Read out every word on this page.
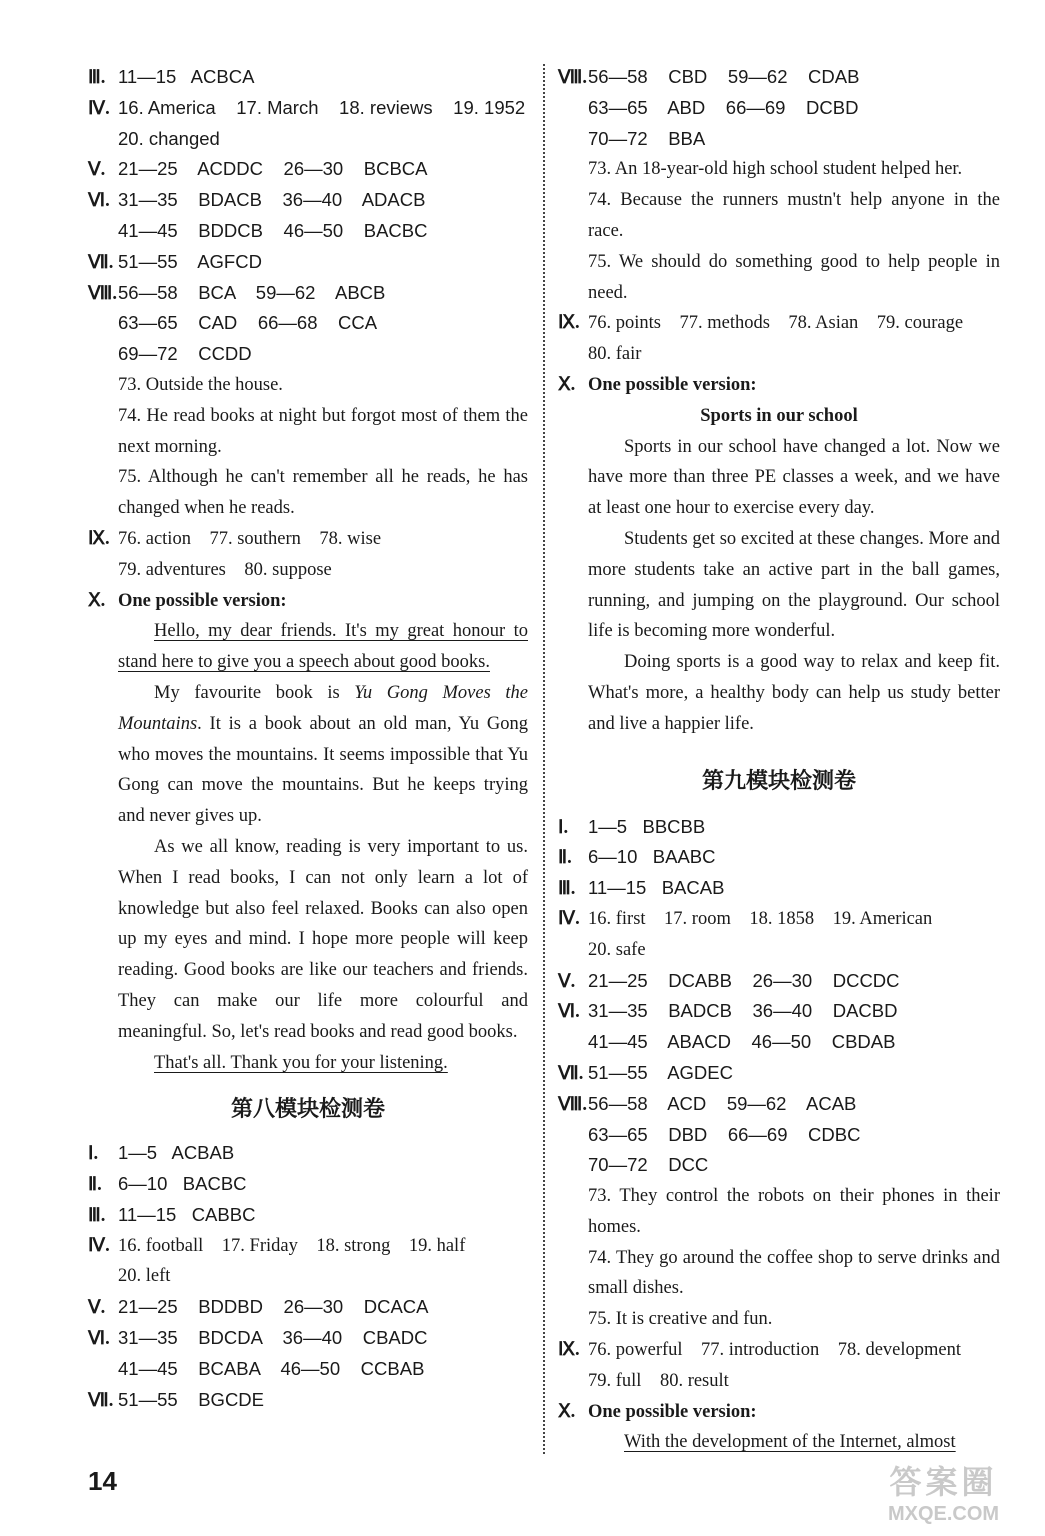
Ⅲ. 11—15   ACBCA
Ⅳ. 16. America    17. March    18. reviews    19. 1952
20. changed
Ⅴ. 21—25    ACDDC    26—30    BCBCA
Ⅵ. 31—35    BDACB    36—40    ADACB
41—45    BDDCB    46—50    BACBC
Ⅶ. 51—55    AGFCD
Ⅷ.56—58    BCA    59—62    ABCB
63—65    CAD    66—68    CCA
69—72    CCDD
73. Outside the house.
74. He read books at night but forgot most of them the next morning.
75. Although he can't remember all he reads, he has changed when he reads.
Ⅸ. 76. action    77. southern    78. wise
79. adventures    80. suppose
Ⅹ. One possible version:
Hello, my dear friends. It's my great honour to stand here to give you a speech about good books.
My favourite book is Yu Gong Moves the Mountains. It is a book about an old man, Yu Gong who moves the mountains. It seems impossible that Yu Gong can move the mountains. But he keeps trying and never gives up.
As we all know, reading is very important to us. When I read books, I can not only learn a lot of knowledge but also feel relaxed. Books can also open up my eyes and mind. I hope more people will keep reading. Good books are like our teachers and friends. They can make our life more colourful and meaningful. So, let's read books and read good books.
That's all. Thank you for your listening.
第八模块检测卷
Ⅰ. 1—5   ACBAB
Ⅱ. 6—10   BACBC
Ⅲ. 11—15   CABBC
Ⅳ. 16. football    17. Friday    18. strong    19. half
20. left
Ⅴ. 21—25    BDDBD    26—30    DCACA
Ⅵ. 31—35    BDCDA    36—40    CBADC
41—45    BCABA    46—50    CCBAB
Ⅶ. 51—55    BGCDE
Ⅷ.56—58    CBD    59—62    CDAB
63—65    ABD    66—69    DCBD
70—72    BBA
73. An 18-year-old high school student helped her.
74. Because the runners mustn't help anyone in the race.
75. We should do something good to help people in need.
Ⅸ. 76. points    77. methods    78. Asian    79. courage
80. fair
Ⅹ. One possible version:
Sports in our school
Sports in our school have changed a lot. Now we have more than three PE classes a week, and we have at least one hour to exercise every day.
Students get so excited at these changes. More and more students take an active part in the ball games, running, and jumping on the playground. Our school life is becoming more wonderful.
Doing sports is a good way to relax and keep fit. What's more, a healthy body can help us study better and live a happier life.
第九模块检测卷
Ⅰ. 1—5   BBCBB
Ⅱ. 6—10   BAABC
Ⅲ. 11—15   BACAB
Ⅳ. 16. first    17. room    18. 1858    19. American
20. safe
Ⅴ. 21—25    DCABB    26—30    DCCDC
Ⅵ. 31—35    BADCB    36—40    DACBD
41—45    ABACD    46—50    CBDAB
Ⅶ. 51—55    AGDEC
Ⅷ.56—58    ACD    59—62    ACAB
63—65    DBD    66—69    CDBC
70—72    DCC
73. They control the robots on their phones in their homes.
74. They go around the coffee shop to serve drinks and small dishes.
75. It is creative and fun.
Ⅸ. 76. powerful    77. introduction    78. development
79. full    80. result
Ⅹ. One possible version:
With the development of the Internet, almost
14	答案圈
MXQE.COM
